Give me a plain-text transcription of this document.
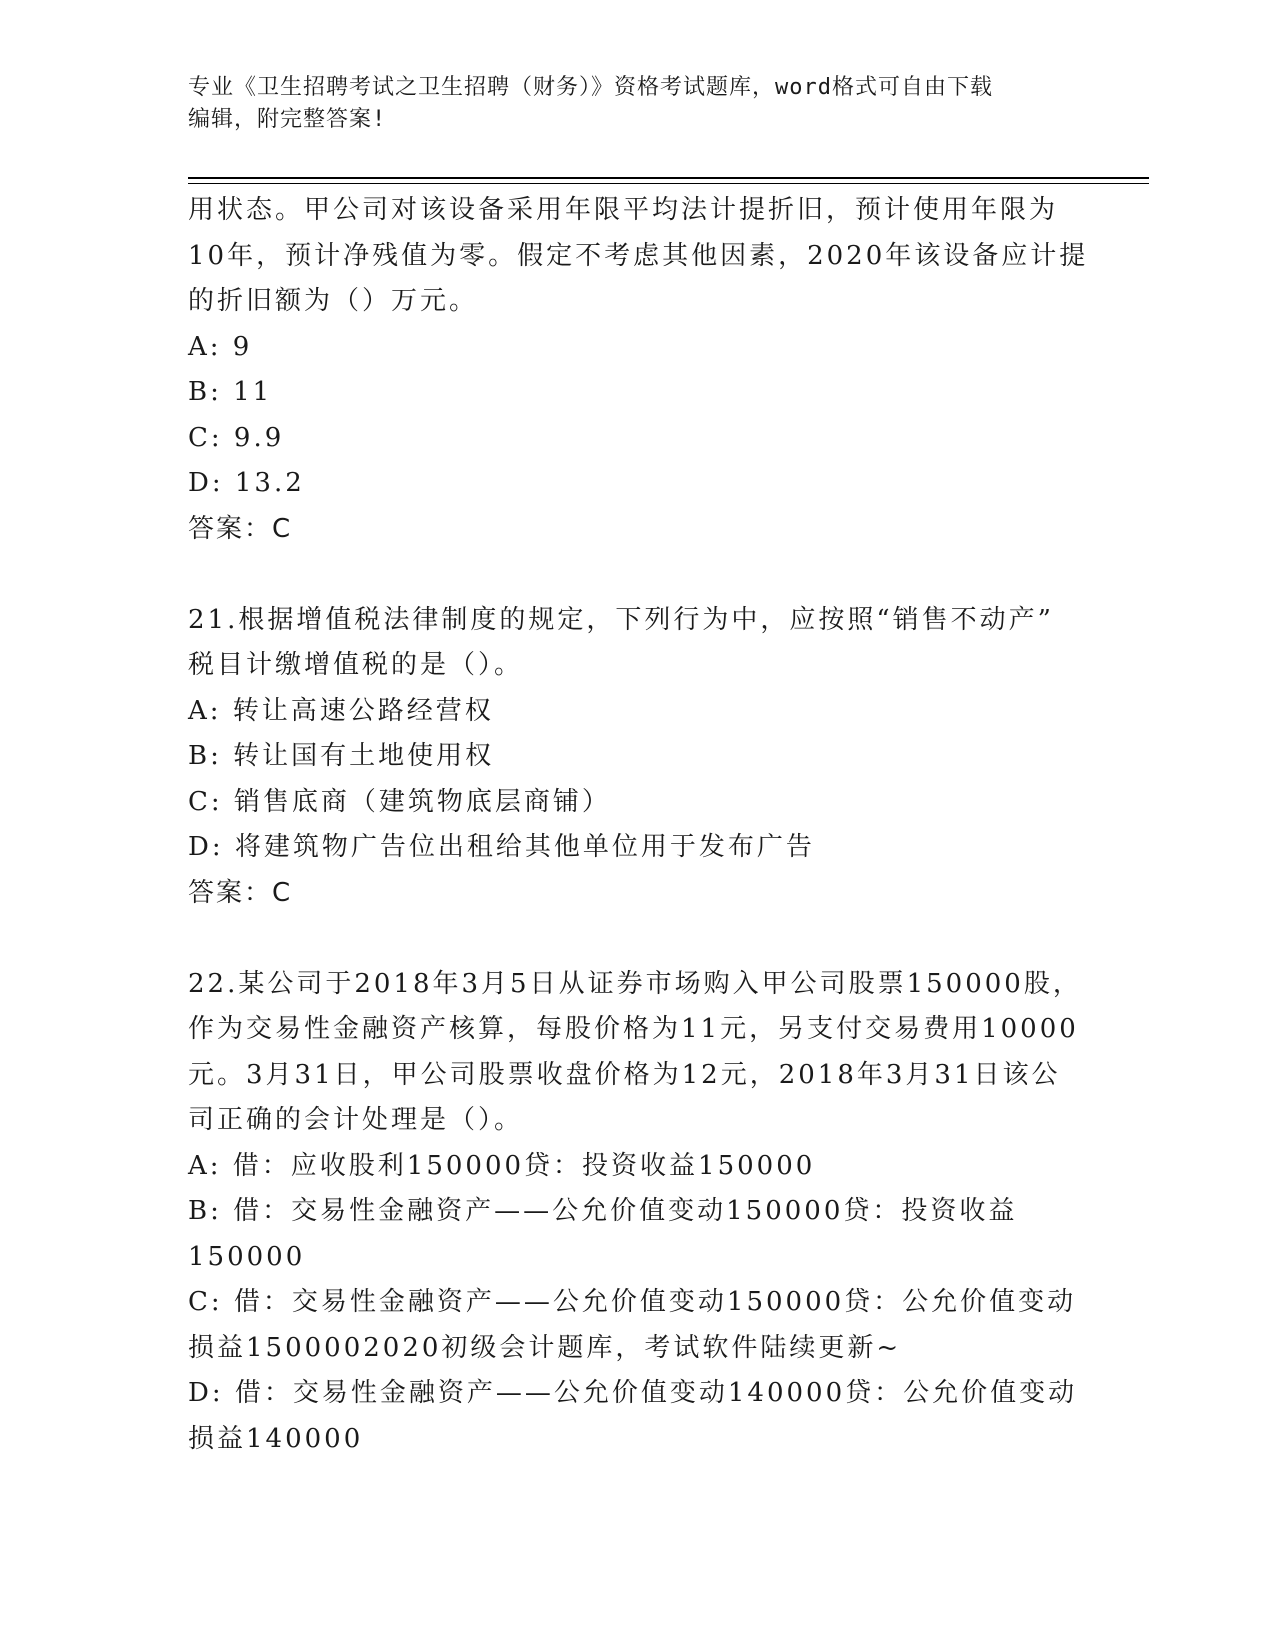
专业《卫生招聘考试之卫生招聘（财务）》资格考试题库，word格式可自由下载
编辑，附完整答案!
用状态。甲公司对该设备采用年限平均法计提折旧，预计使用年限为
10年，预计净残值为零。假定不考虑其他因素，2020年该设备应计提
的折旧额为（）万元。
A: 9
B: 11
C: 9.9
D: 13.2
答案：C
21.根据增值税法律制度的规定，下列行为中，应按照“销售不动产”
税目计缴增值税的是（）。
A: 转让高速公路经营权
B: 转让国有土地使用权
C: 销售底商（建筑物底层商铺）
D: 将建筑物广告位出租给其他单位用于发布广告
答案：C
22.某公司于2018年3月5日从证券市场购入甲公司股票150000股，
作为交易性金融资产核算，每股价格为11元，另支付交易费用10000
元。3月31日，甲公司股票收盘价格为12元，2018年3月31日该公
司正确的会计处理是（）。
A: 借：应收股利150000贷：投资收益150000
B: 借：交易性金融资产——公允价值变动150000贷：投资收益
150000
C: 借：交易性金融资产——公允价值变动150000贷：公允价值变动
损益1500002020初级会计题库，考试软件陆续更新~
D: 借：交易性金融资产——公允价值变动140000贷：公允价值变动
损益140000
